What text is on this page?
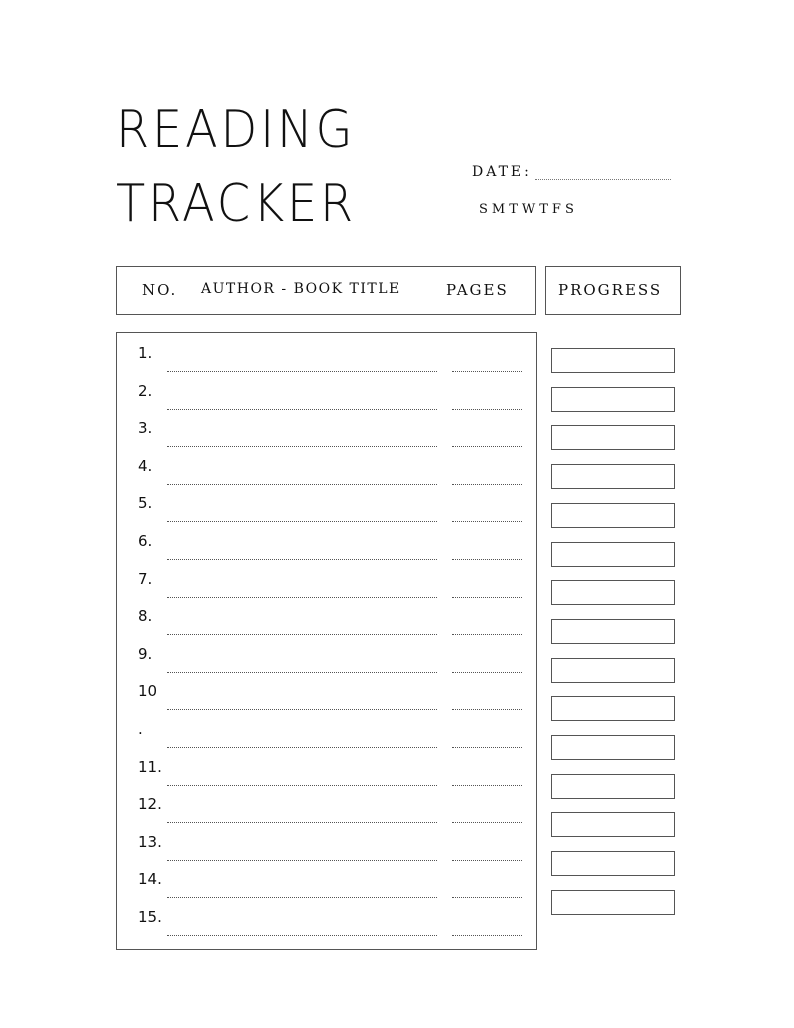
READING
TRACKER
DATE:
SMTWTFS
NO. AUTHOR - BOOK TITLE	PAGES	PROGRESS
1.
2.
3.
4.
5.
6.
7.
8.
9.
10
.
11.
12.
13.
14.
15.
